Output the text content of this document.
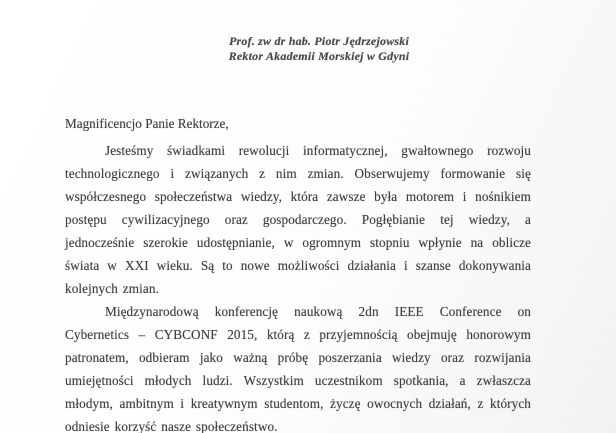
Prof. zw dr hab. Piotr Jędrzejowski
Rektor Akademii Morskiej w Gdyni

Magnificencjo Panie Rektorze,

Jesteśmy świadkami rewolucji informatycznej, gwałtownego rozwoju technologicznego i związanych z nim zmian. Obserwujemy formowanie się współczesnego społeczeństwa wiedzy, która zawsze była motorem i nośnikiem postępu cywilizacyjnego oraz gospodarczego. Pogłębianie tej wiedzy, a jednocześnie szerokie udostępnianie, w ogromnym stopniu wpłynie na oblicze świata w XXI wieku. Są to nowe możliwości działania i szanse dokonywania kolejnych zmian.

Międzynarodową konferencję naukową 2dn IEEE Conference on Cybernetics – CYBCONF 2015, którą z przyjemnością obejmuję honorowym patronatem, odbieram jako ważną próbę poszerzania wiedzy oraz rozwijania umiejętności młodych ludzi. Wszystkim uczestnikom spotkania, a zwłaszcza młodym, ambitnym i kreatywnym studentom, życzę owocnych działań, z których odniesie korzyść nasze społeczeństwo.
